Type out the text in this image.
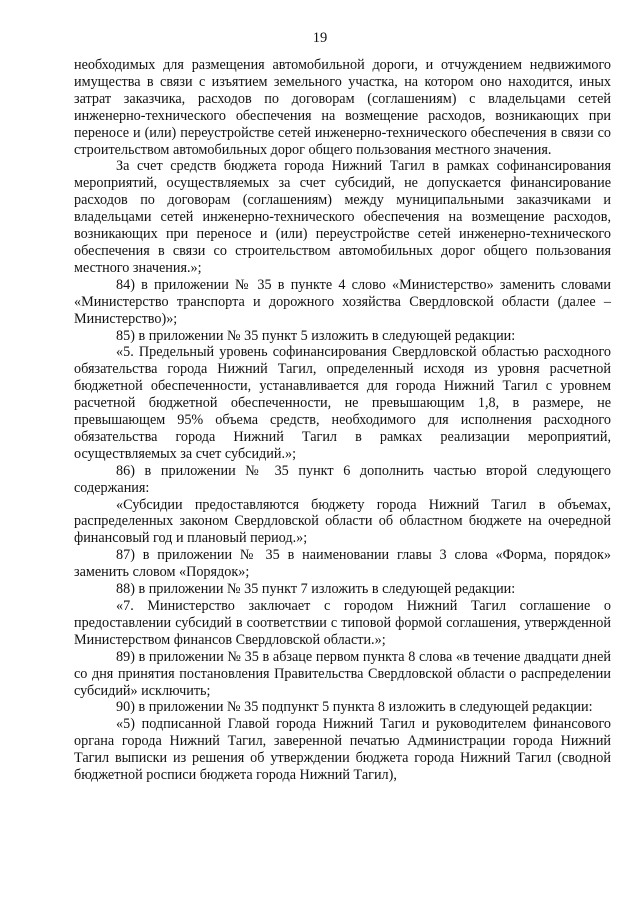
19

необходимых для размещения автомобильной дороги, и отчуждением недвижимого имущества в связи с изъятием земельного участка, на котором оно находится, иных затрат заказчика, расходов по договорам (соглашениям) с владельцами сетей инженерно-технического обеспечения на возмещение расходов, возникающих при переносе и (или) переустройстве сетей инженерно-технического обеспечения в связи со строительством автомобильных дорог общего пользования местного значения.

За счет средств бюджета города Нижний Тагил в рамках софинансирования мероприятий, осуществляемых за счет субсидий, не допускается финансирование расходов по договорам (соглашениям) между муниципальными заказчиками и владельцами сетей инженерно-технического обеспечения на возмещение расходов, возникающих при переносе и (или) переустройстве сетей инженерно-технического обеспечения в связи со строительством автомобильных дорог общего пользования местного значения.»;

84) в приложении № 35 в пункте 4 слово «Министерство» заменить словами «Министерство транспорта и дорожного хозяйства Свердловской области (далее – Министерство)»;

85) в приложении № 35 пункт 5 изложить в следующей редакции:

«5. Предельный уровень софинансирования Свердловской областью расходного обязательства города Нижний Тагил, определенный исходя из уровня расчетной бюджетной обеспеченности, устанавливается для города Нижний Тагил с уровнем расчетной бюджетной обеспеченности, не превышающим 1,8, в размере, не превышающем 95% объема средств, необходимого для исполнения расходного обязательства города Нижний Тагил в рамках реализации мероприятий, осуществляемых за счет субсидий.»;

86) в приложении № 35 пункт 6 дополнить частью второй следующего содержания:

«Субсидии предоставляются бюджету города Нижний Тагил в объемах, распределенных законом Свердловской области об областном бюджете на очередной финансовый год и плановый период.»;

87) в приложении № 35 в наименовании главы 3 слова «Форма, порядок» заменить словом «Порядок»;

88) в приложении № 35 пункт 7 изложить в следующей редакции:

«7. Министерство заключает с городом Нижний Тагил соглашение о предоставлении субсидий в соответствии с типовой формой соглашения, утвержденной Министерством финансов Свердловской области.»;

89) в приложении № 35 в абзаце первом пункта 8 слова «в течение двадцати дней со дня принятия постановления Правительства Свердловской области о распределении субсидий» исключить;

90) в приложении № 35 подпункт 5 пункта 8 изложить в следующей редакции:

«5) подписанной Главой города Нижний Тагил и руководителем финансового органа города Нижний Тагил, заверенной печатью Администрации города Нижний Тагил выписки из решения об утверждении бюджета города Нижний Тагил (сводной бюджетной росписи бюджета города Нижний Тагил),
